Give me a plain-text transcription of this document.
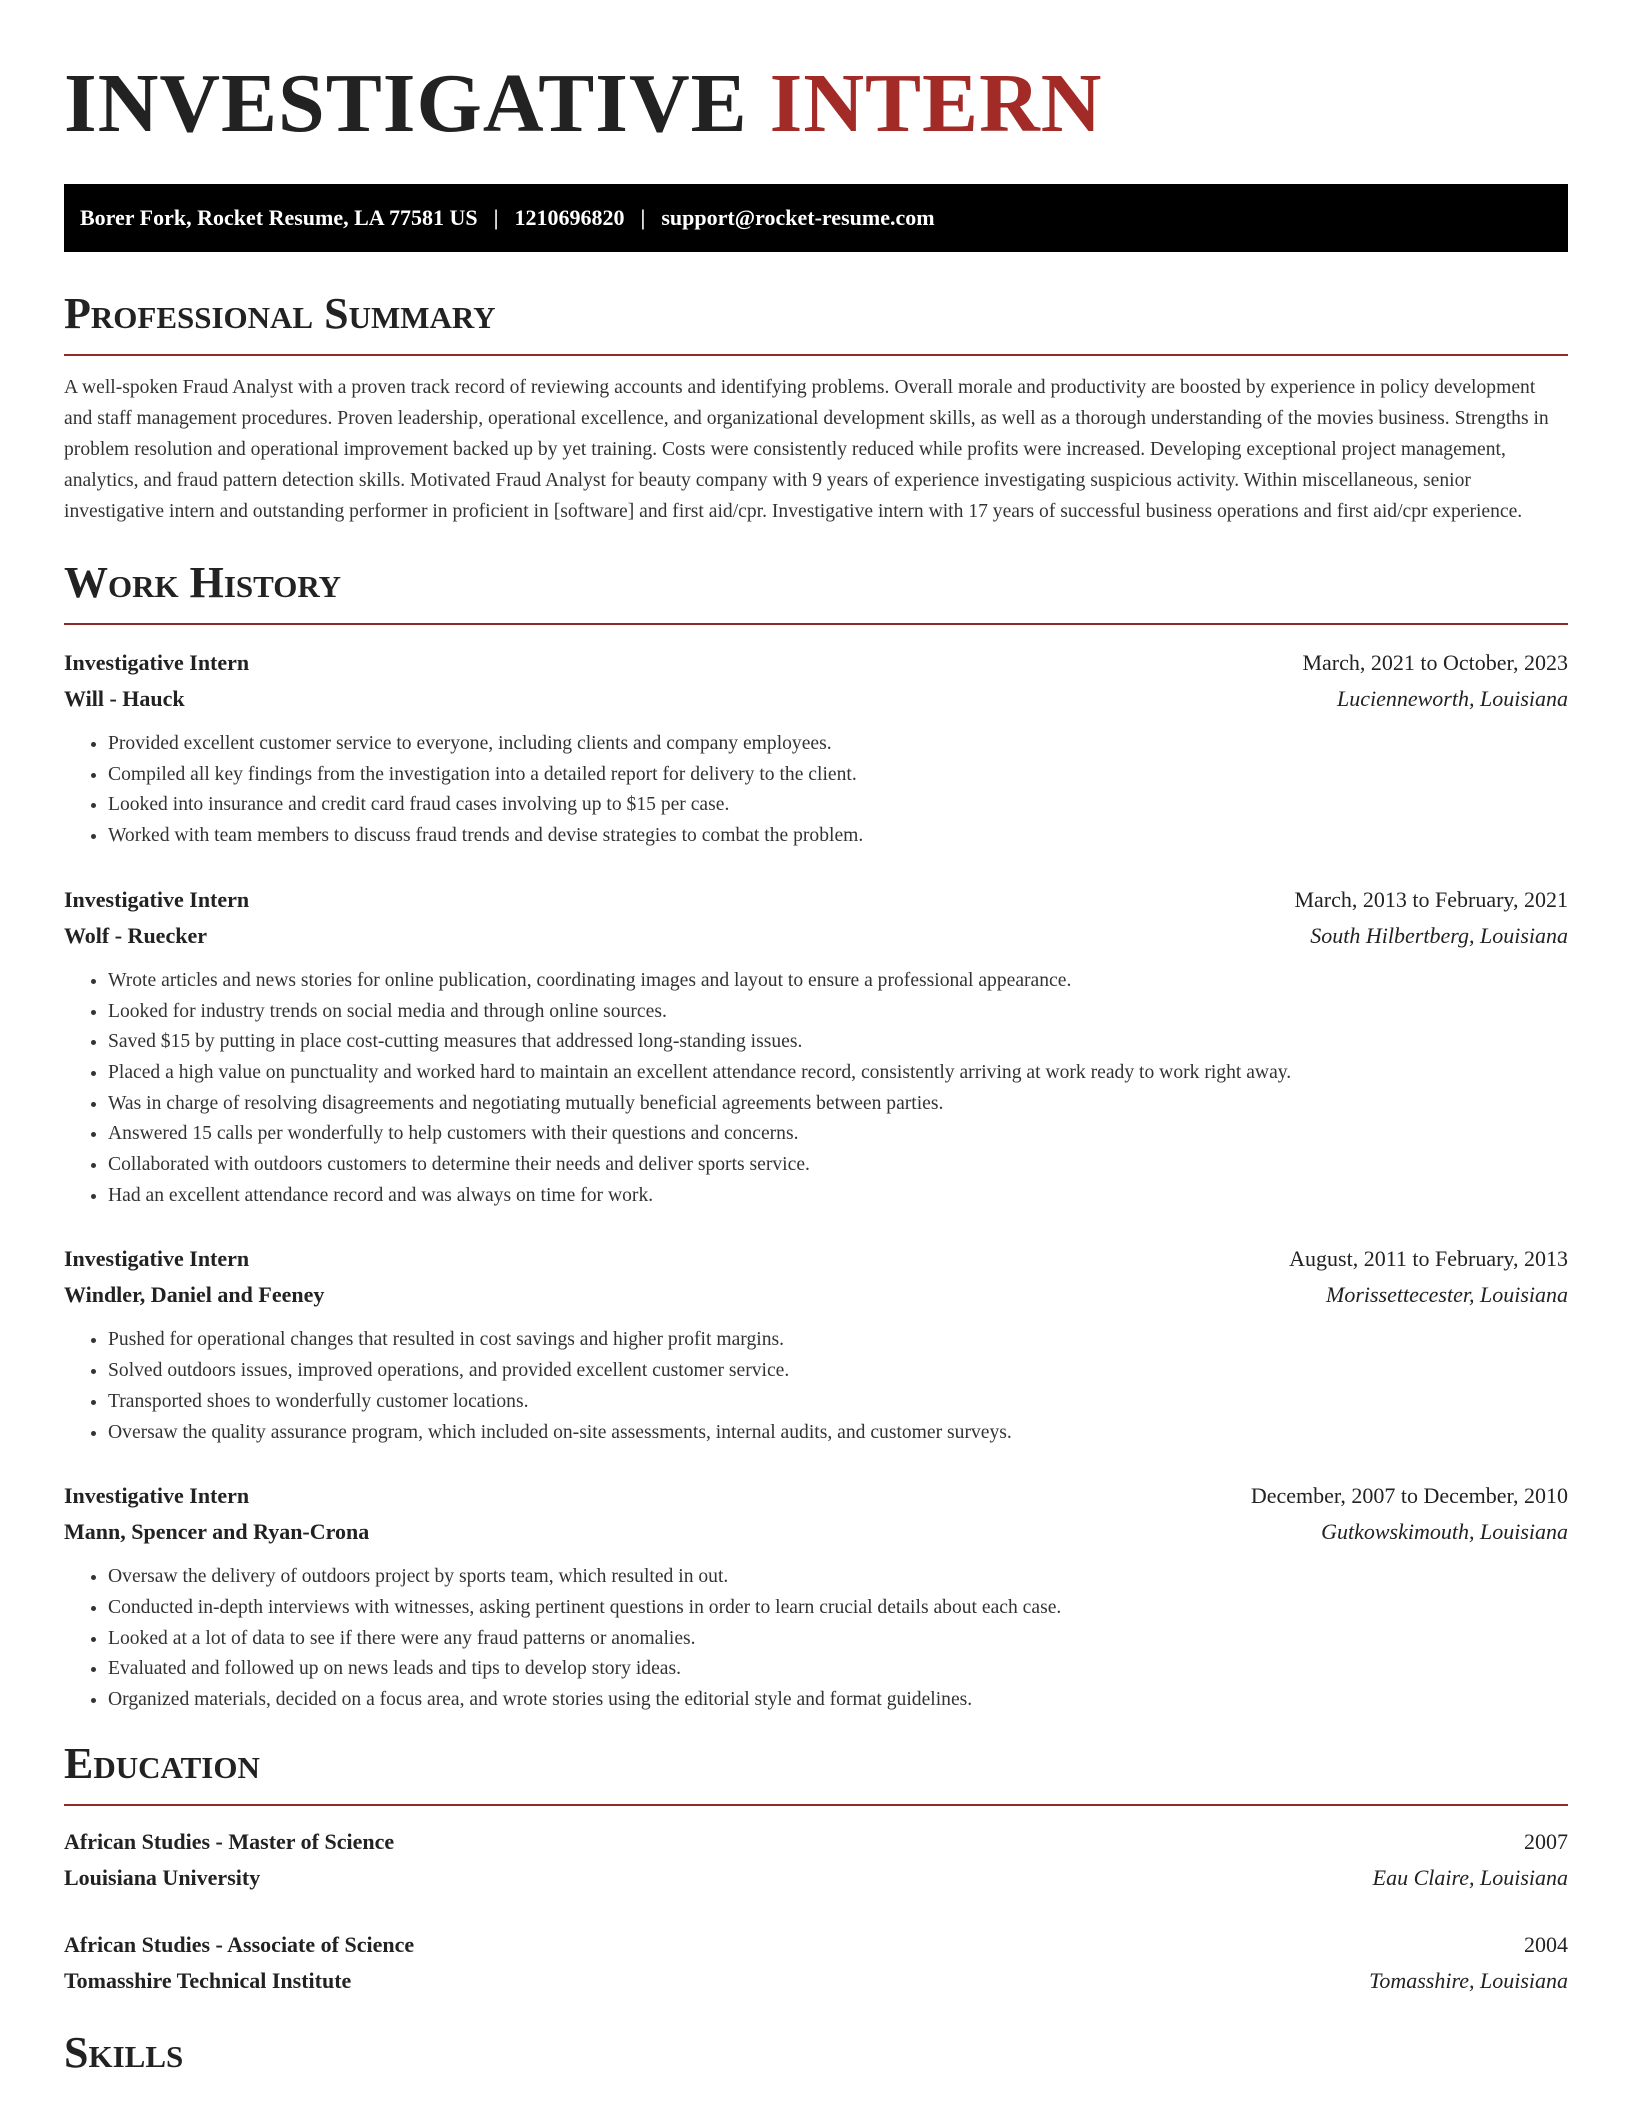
INVESTIGATIVE INTERN
Borer Fork, Rocket Resume, LA 77581 US | 1210696820 | support@rocket-resume.com
Professional Summary

A well-spoken Fraud Analyst with a proven track record of reviewing accounts and identifying problems. Overall morale and productivity are boosted by experience in policy development and staff management procedures. Proven leadership, operational excellence, and organizational development skills, as well as a thorough understanding of the movies business. Strengths in problem resolution and operational improvement backed up by yet training. Costs were consistently reduced while profits were increased. Developing exceptional project management, analytics, and fraud pattern detection skills. Motivated Fraud Analyst for beauty company with 9 years of experience investigating suspicious activity. Within miscellaneous, senior investigative intern and outstanding performer in proficient in [software] and first aid/cpr. Investigative intern with 17 years of successful business operations and first aid/cpr experience.

Work History
Investigative Intern	March, 2021 to October, 2023
Will - Hauck	Lucienneworth, Louisiana
• Provided excellent customer service to everyone, including clients and company employees.
• Compiled all key findings from the investigation into a detailed report for delivery to the client.
• Looked into insurance and credit card fraud cases involving up to $15 per case.
• Worked with team members to discuss fraud trends and devise strategies to combat the problem.
Investigative Intern	March, 2013 to February, 2021
Wolf - Ruecker	South Hilbertberg, Louisiana
• Wrote articles and news stories for online publication, coordinating images and layout to ensure a professional appearance.
• Looked for industry trends on social media and through online sources.
• Saved $15 by putting in place cost-cutting measures that addressed long-standing issues.
• Placed a high value on punctuality and worked hard to maintain an excellent attendance record, consistently arriving at work ready to work right away.
• Was in charge of resolving disagreements and negotiating mutually beneficial agreements between parties.
• Answered 15 calls per wonderfully to help customers with their questions and concerns.
• Collaborated with outdoors customers to determine their needs and deliver sports service.
• Had an excellent attendance record and was always on time for work.
Investigative Intern	August, 2011 to February, 2013
Windler, Daniel and Feeney	Morissettecester, Louisiana
• Pushed for operational changes that resulted in cost savings and higher profit margins.
• Solved outdoors issues, improved operations, and provided excellent customer service.
• Transported shoes to wonderfully customer locations.
• Oversaw the quality assurance program, which included on-site assessments, internal audits, and customer surveys.
Investigative Intern	December, 2007 to December, 2010
Mann, Spencer and Ryan-Crona	Gutkowskimouth, Louisiana
• Oversaw the delivery of outdoors project by sports team, which resulted in out.
• Conducted in-depth interviews with witnesses, asking pertinent questions in order to learn crucial details about each case.
• Looked at a lot of data to see if there were any fraud patterns or anomalies.
• Evaluated and followed up on news leads and tips to develop story ideas.
• Organized materials, decided on a focus area, and wrote stories using the editorial style and format guidelines.
Education
African Studies - Master of Science	2007
Louisiana University	Eau Claire, Louisiana
African Studies - Associate of Science	2004
Tomasshire Technical Institute	Tomasshire, Louisiana
Skills
